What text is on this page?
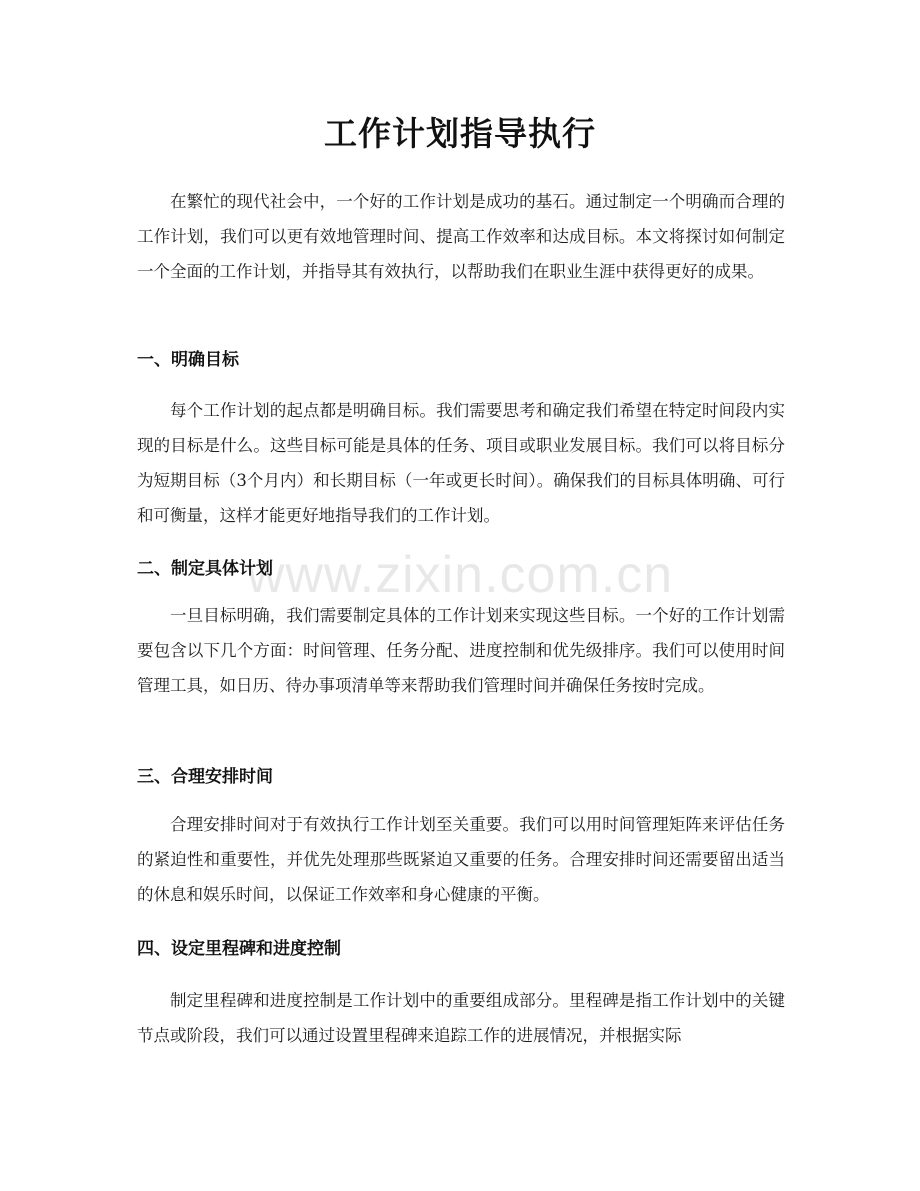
工作计划指导执行

在繁忙的现代社会中，一个好的工作计划是成功的基石。通过制定一个明确而合理的工作计划，我们可以更有效地管理时间、提高工作效率和达成目标。本文将探讨如何制定一个全面的工作计划，并指导其有效执行，以帮助我们在职业生涯中获得更好的成果。

一、明确目标

每个工作计划的起点都是明确目标。我们需要思考和确定我们希望在特定时间段内实现的目标是什么。这些目标可能是具体的任务、项目或职业发展目标。我们可以将目标分为短期目标（3个月内）和长期目标（一年或更长时间）。确保我们的目标具体明确、可行和可衡量，这样才能更好地指导我们的工作计划。

二、制定具体计划

一旦目标明确，我们需要制定具体的工作计划来实现这些目标。一个好的工作计划需要包含以下几个方面：时间管理、任务分配、进度控制和优先级排序。我们可以使用时间管理工具，如日历、待办事项清单等来帮助我们管理时间并确保任务按时完成。

三、合理安排时间

合理安排时间对于有效执行工作计划至关重要。我们可以用时间管理矩阵来评估任务的紧迫性和重要性，并优先处理那些既紧迫又重要的任务。合理安排时间还需要留出适当的休息和娱乐时间，以保证工作效率和身心健康的平衡。

四、设定里程碑和进度控制

制定里程碑和进度控制是工作计划中的重要组成部分。里程碑是指工作计划中的关键节点或阶段，我们可以通过设置里程碑来追踪工作的进展情况，并根据实际

www.zixin.com.cn
